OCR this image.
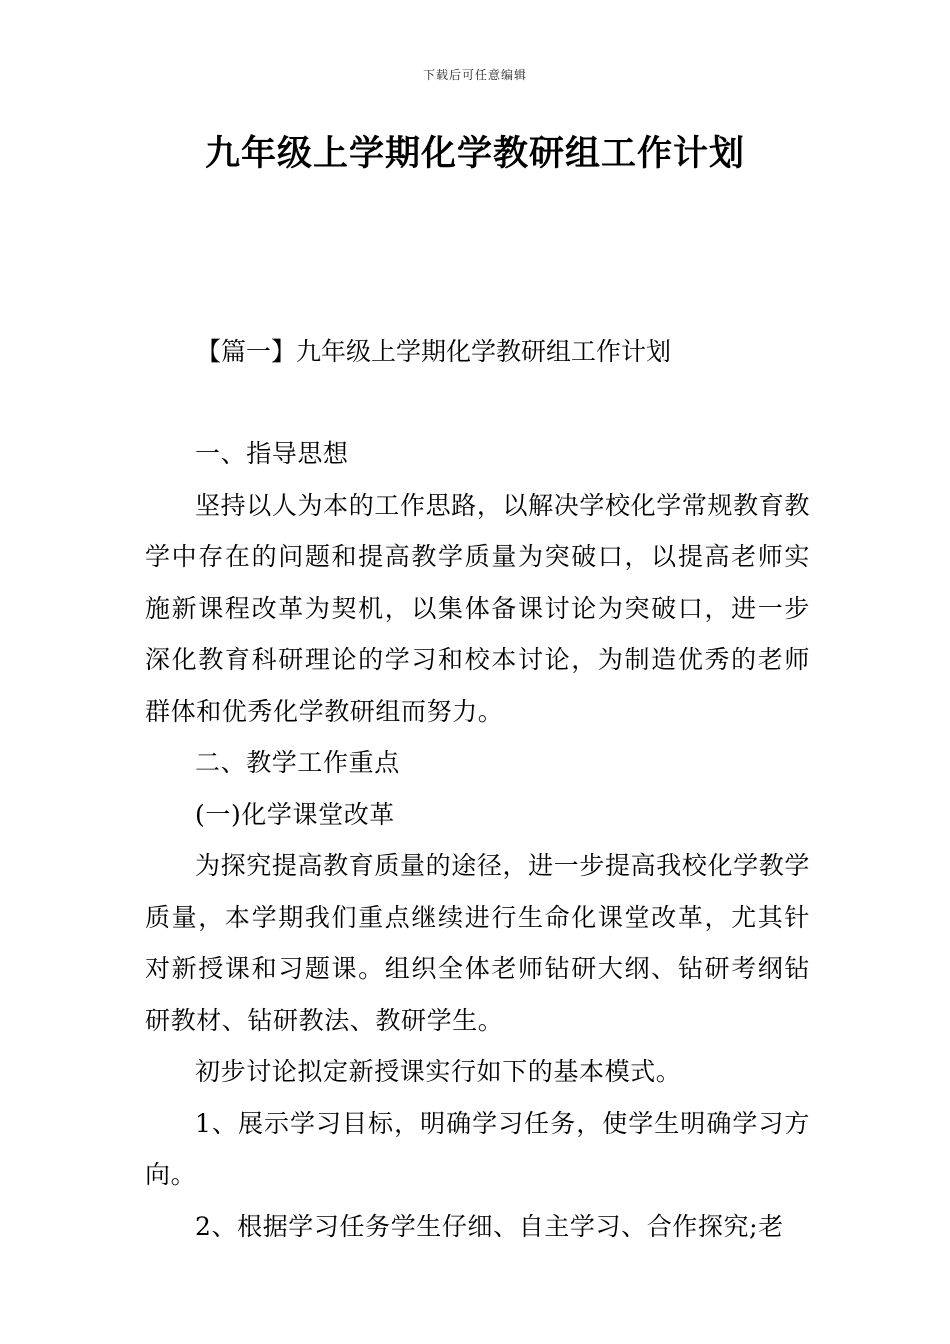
下载后可任意编辑
九年级上学期化学教研组工作计划
【篇一】九年级上学期化学教研组工作计划

一、指导思想

坚持以人为本的工作思路，以解决学校化学常规教育教学中存在的问题和提高教学质量为突破口，以提高老师实施新课程改革为契机，以集体备课讨论为突破口，进一步深化教育科研理论的学习和校本讨论，为制造优秀的老师群体和优秀化学教研组而努力。

二、教学工作重点

(一)化学课堂改革

为探究提高教育质量的途径，进一步提高我校化学教学质量，本学期我们重点继续进行生命化课堂改革，尤其针对新授课和习题课。组织全体老师钻研大纲、钻研考纲钻研教材、钻研教法、教研学生。

初步讨论拟定新授课实行如下的基本模式。

1、展示学习目标，明确学习任务，使学生明确学习方向。

2、根据学习任务学生仔细、自主学习、合作探究;老
